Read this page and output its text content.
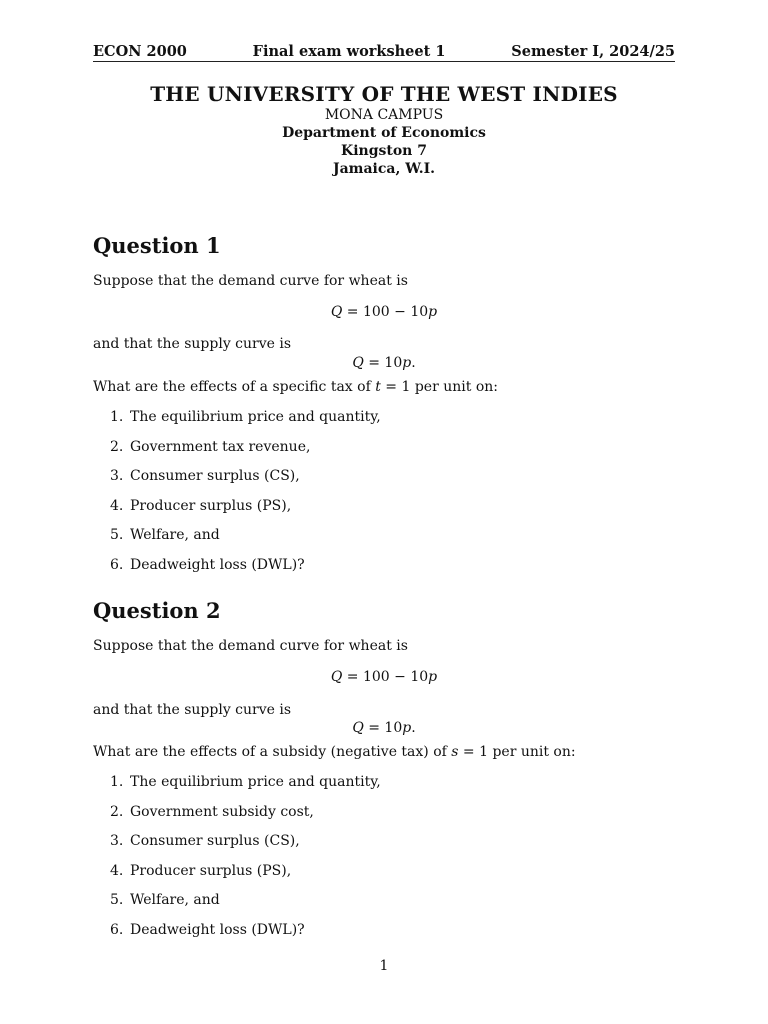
ECON 2000	Final exam worksheet 1	Semester I, 2024/25
THE UNIVERSITY OF THE WEST INDIES
MONA CAMPUS
Department of Economics
Kingston 7
Jamaica, W.I.
Question 1
Suppose that the demand curve for wheat is
Q = 100 − 10p
and that the supply curve is
Q = 10p.
What are the effects of a specific tax of t = 1 per unit on:
1. The equilibrium price and quantity,
2. Government tax revenue,
3. Consumer surplus (CS),
4. Producer surplus (PS),
5. Welfare, and
6. Deadweight loss (DWL)?
Question 2
Suppose that the demand curve for wheat is
Q = 100 − 10p
and that the supply curve is
Q = 10p.
What are the effects of a subsidy (negative tax) of s = 1 per unit on:
1. The equilibrium price and quantity,
2. Government subsidy cost,
3. Consumer surplus (CS),
4. Producer surplus (PS),
5. Welfare, and
6. Deadweight loss (DWL)?
1
